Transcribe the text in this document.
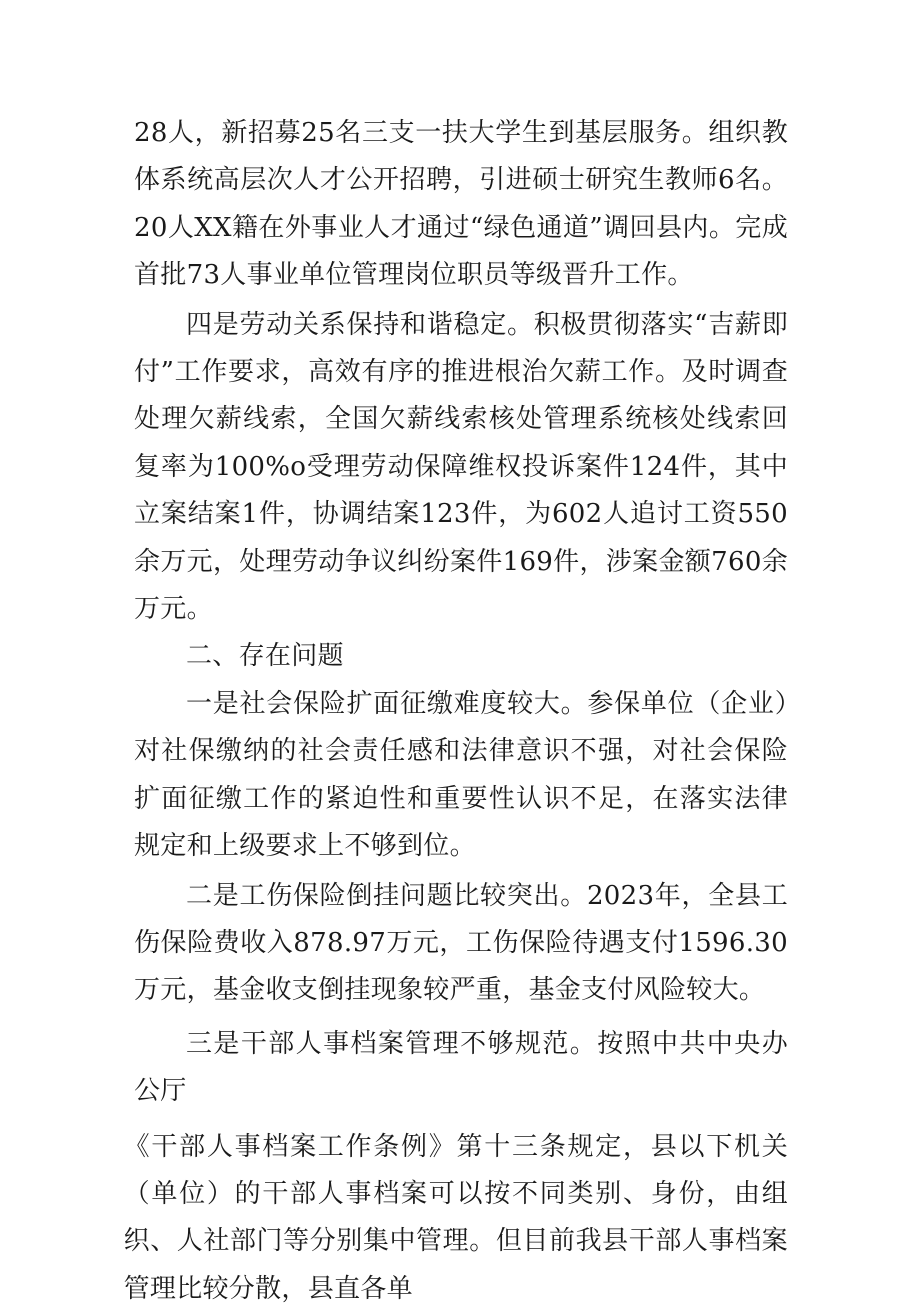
28人，新招募25名三支一扶大学生到基层服务。组织教体系统高层次人才公开招聘，引进硕士研究生教师6名。20人XX籍在外事业人才通过“绿色通道”调回县内。完成首批73人事业单位管理岗位职员等级晋升工作。

四是劳动关系保持和谐稳定。积极贯彻落实“吉薪即付”工作要求，高效有序的推进根治欠薪工作。及时调查处理欠薪线索，全国欠薪线索核处管理系统核处线索回复率为100%o受理劳动保障维权投诉案件124件，其中立案结案1件，协调结案123件，为602人追讨工资550余万元，处理劳动争议纠纷案件169件，涉案金额760余万元。

二、存在问题

一是社会保险扩面征缴难度较大。参保单位（企业）对社保缴纳的社会责任感和法律意识不强，对社会保险扩面征缴工作的紧迫性和重要性认识不足，在落实法律规定和上级要求上不够到位。

二是工伤保险倒挂问题比较突出。2023年，全县工伤保险费收入878.97万元，工伤保险待遇支付1596.30万元，基金收支倒挂现象较严重，基金支付风险较大。

三是干部人事档案管理不够规范。按照中共中央办公厅

《干部人事档案工作条例》第十三条规定，县以下机关（单位）的干部人事档案可以按不同类别、身份，由组织、人社部门等分别集中管理。但目前我县干部人事档案管理比较分散，县直各单
